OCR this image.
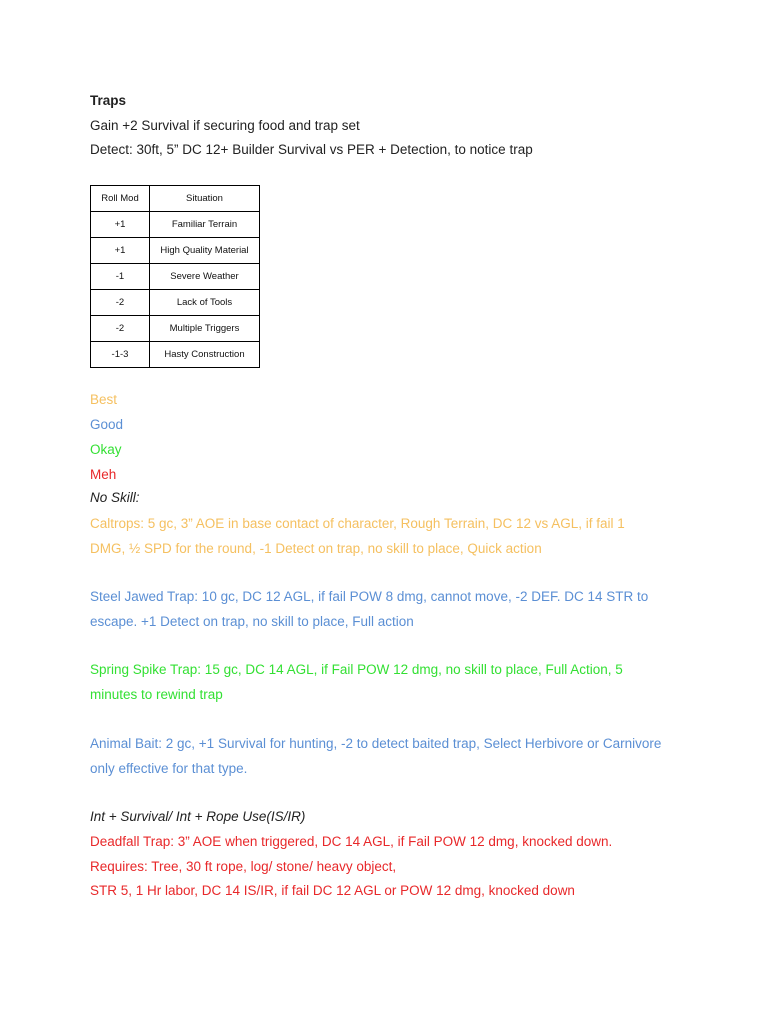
Traps
Gain +2 Survival if securing food and trap set
Detect: 30ft, 5” DC 12+ Builder Survival vs PER + Detection, to notice trap
Roll Mod	Situation
+1	Familiar Terrain
+1	High Quality Material
-1	Severe Weather
-2	Lack of Tools
-2	Multiple Triggers
-1-3	Hasty Construction
Best
Good
Okay
Meh
No Skill:
Caltrops: 5 gc, 3” AOE in base contact of character, Rough Terrain, DC 12 vs AGL, if fail 1
DMG, ½ SPD for the round, -1 Detect on trap, no skill to place, Quick action
Steel Jawed Trap: 10 gc, DC 12 AGL, if fail POW 8 dmg, cannot move, -2 DEF. DC 14 STR to
escape. +1 Detect on trap, no skill to place, Full action
Spring Spike Trap: 15 gc, DC 14 AGL, if Fail POW 12 dmg, no skill to place, Full Action, 5
minutes to rewind trap
Animal Bait: 2 gc, +1 Survival for hunting, -2 to detect baited trap, Select Herbivore or Carnivore
only effective for that type.
Int + Survival/ Int + Rope Use(IS/IR)
Deadfall Trap: 3” AOE when triggered, DC 14 AGL, if Fail POW 12 dmg, knocked down.
Requires: Tree, 30 ft rope, log/ stone/ heavy object,
STR 5, 1 Hr labor, DC 14 IS/IR, if fail DC 12 AGL or POW 12 dmg, knocked down
